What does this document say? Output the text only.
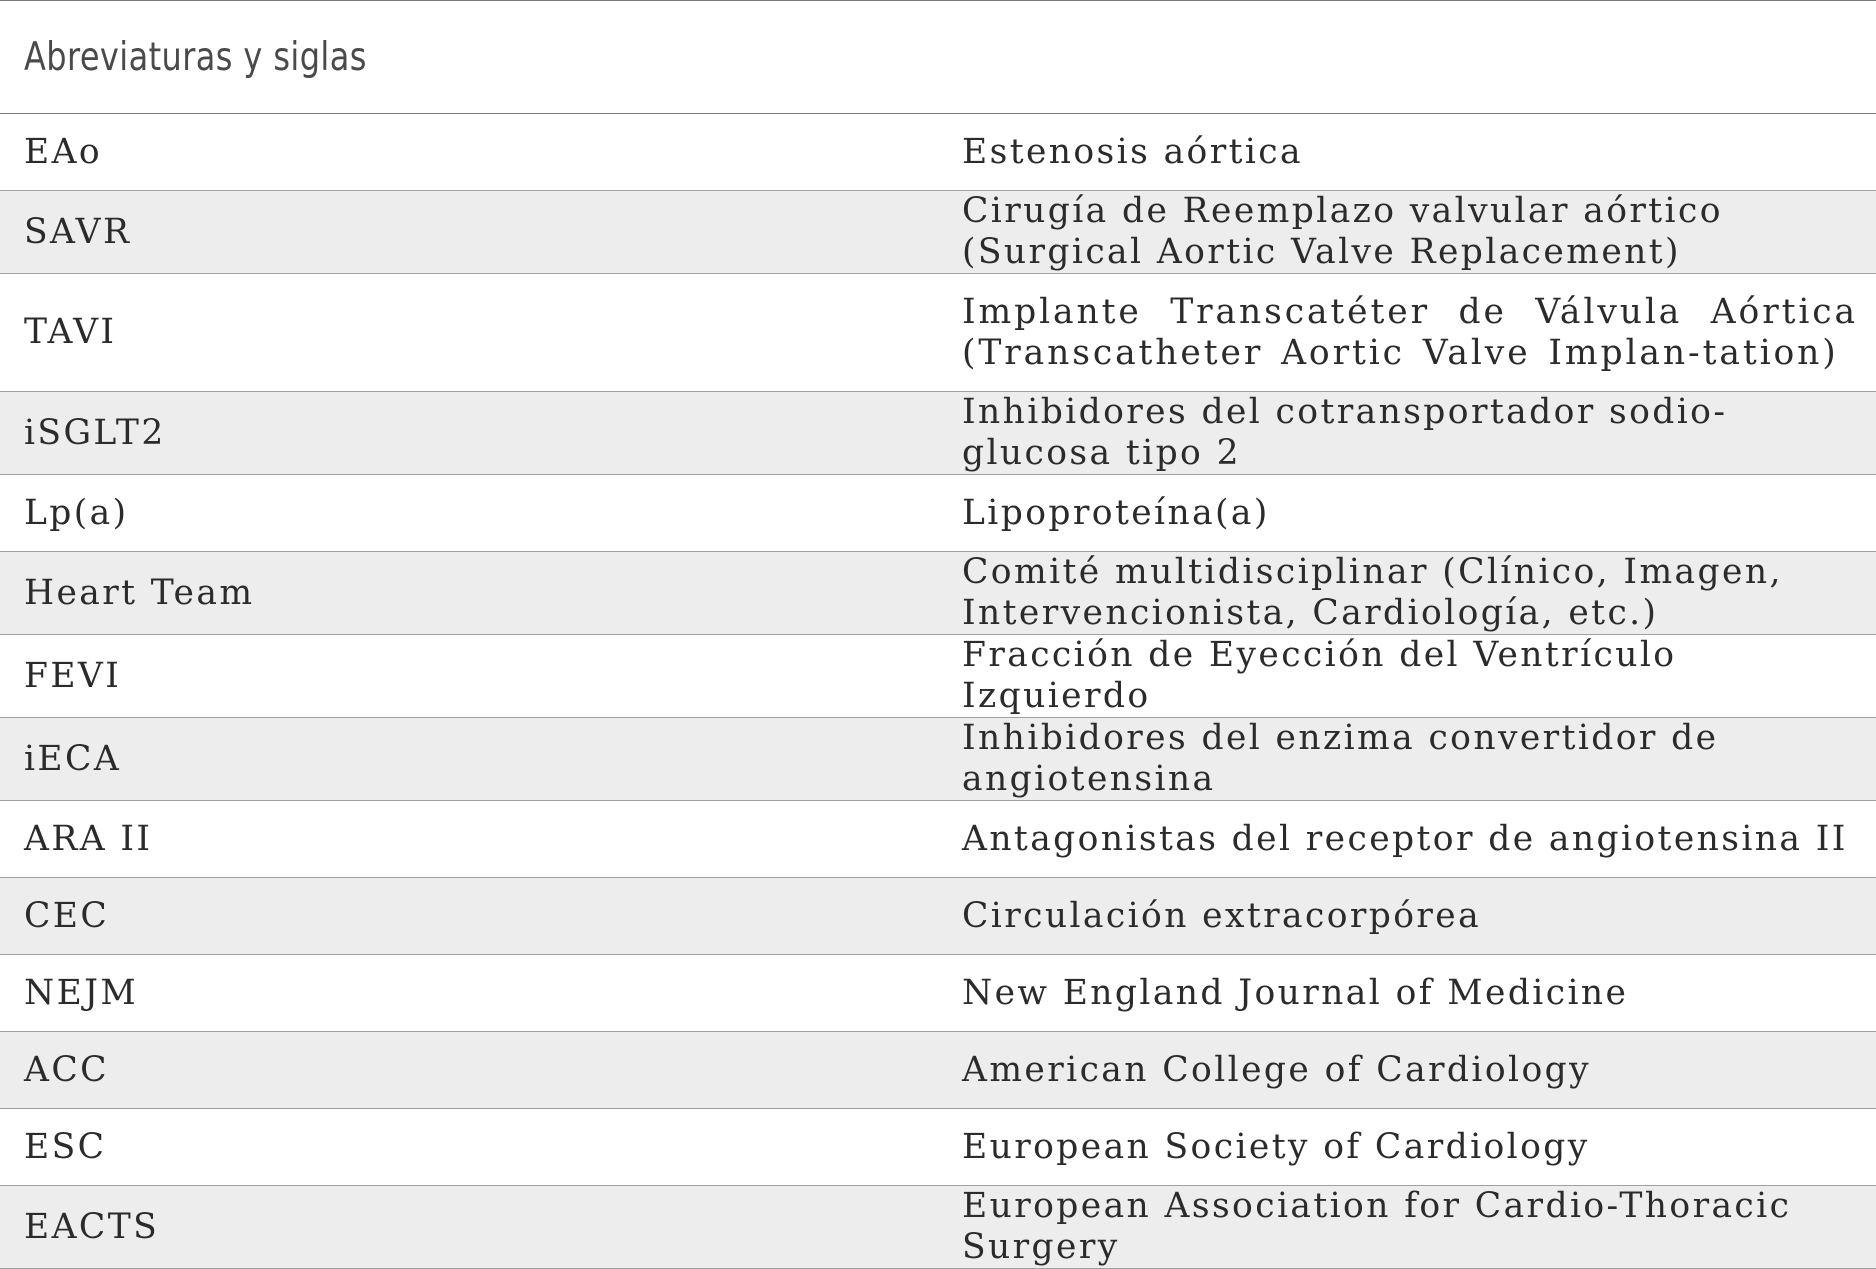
Abreviaturas y siglas	
EAo	Estenosis aórtica
SAVR	Cirugía de Reemplazo valvular aórtico (Surgical Aortic Valve Replacement)
TAVI	Implante Transcatéter de Válvula Aórtica (Transcatheter Aortic Valve Implan-tation)

iSGLT2	Inhibidores del cotransportador sodio-glucosa tipo 2
Lp(a)	Lipoproteína(a)
Heart Team	Comité multidisciplinar (Clínico, Imagen, Intervencionista, Cardiología, etc.)
FEVI	Fracción de Eyección del Ventrículo Izquierdo
iECA	Inhibidores del enzima convertidor de angiotensina
ARA II	Antagonistas del receptor de angiotensina II
CEC	Circulación extracorpórea
NEJM	New England Journal of Medicine
ACC	American College of Cardiology
ESC	European Society of Cardiology
EACTS	European Association for Cardio-Thoracic Surgery
